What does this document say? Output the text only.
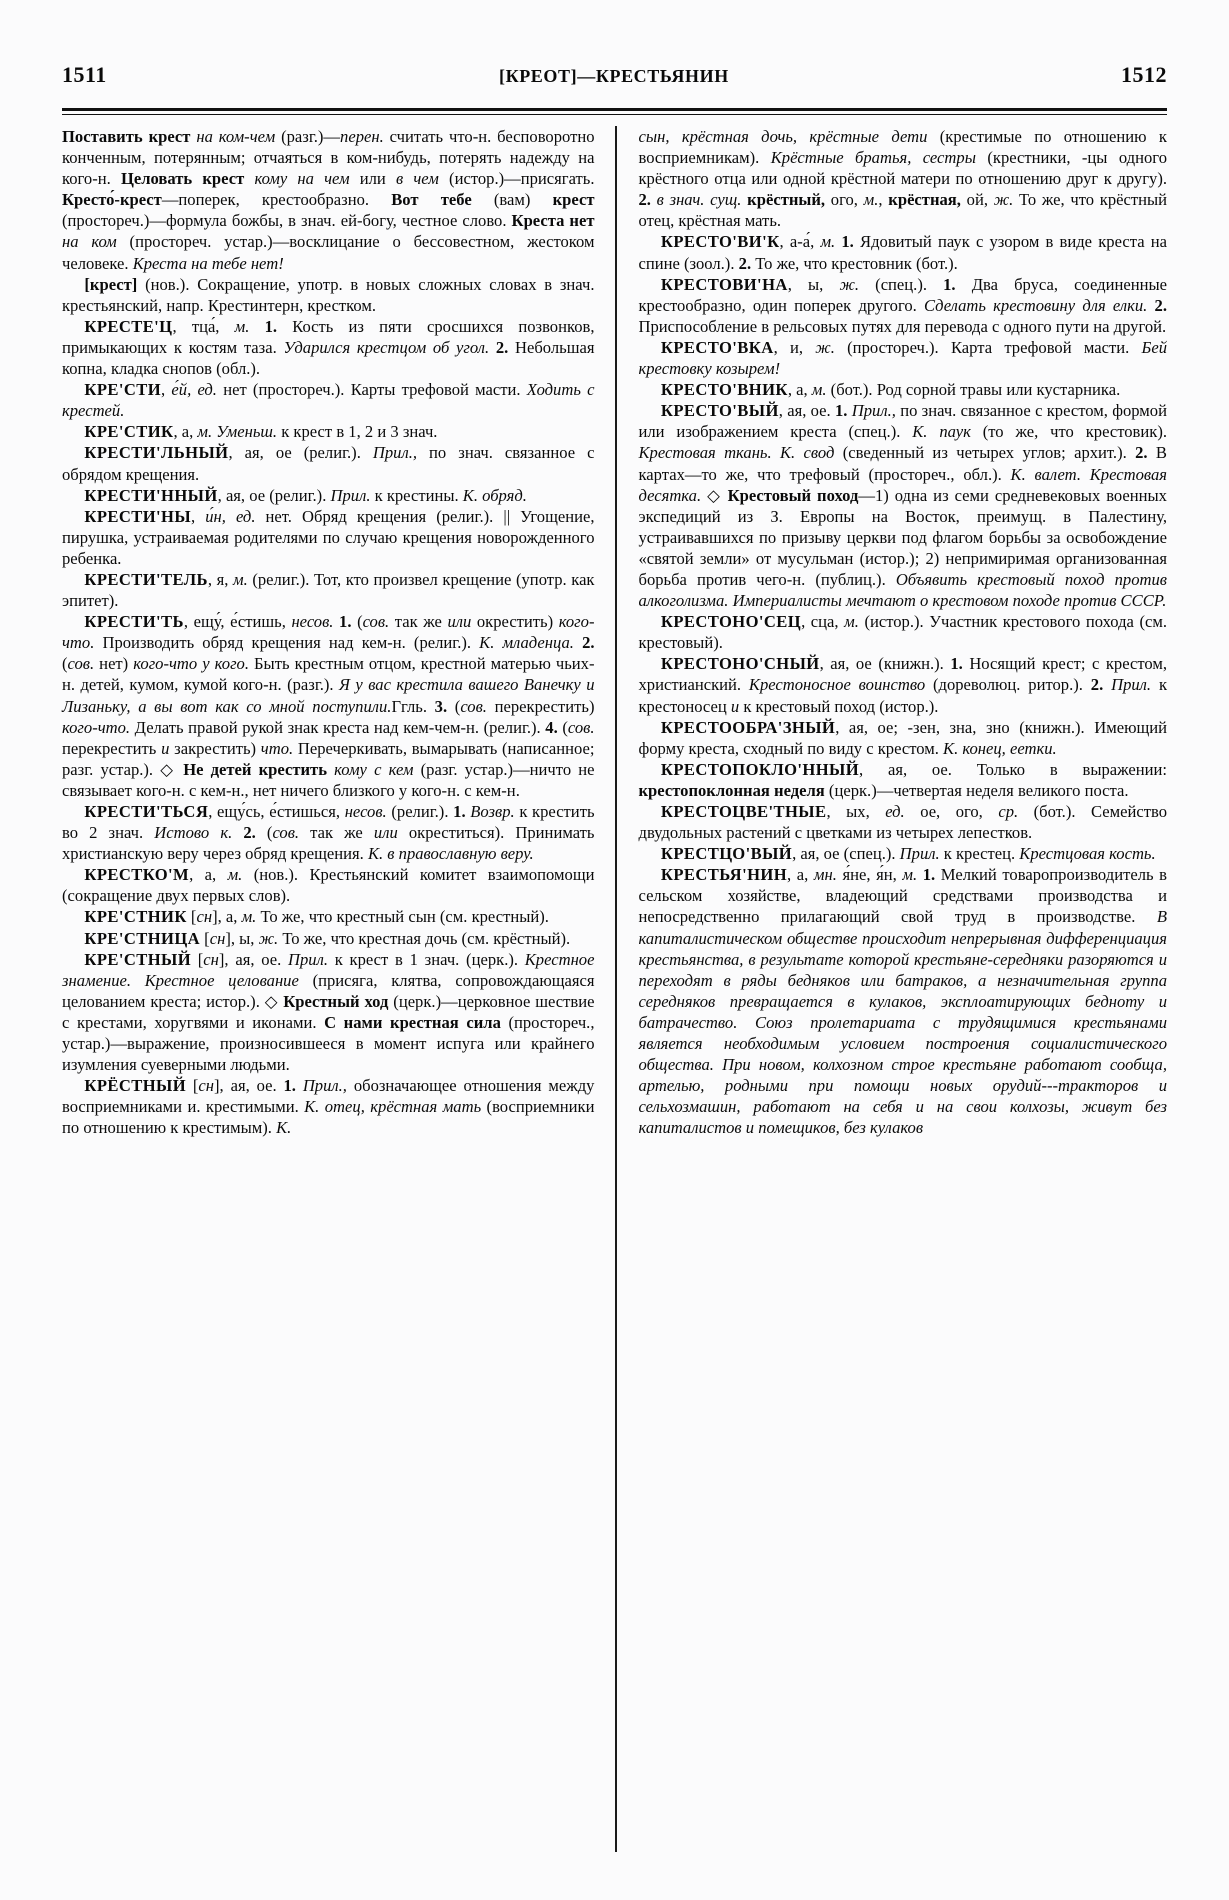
1511	[КРЕОТ]—КРЕСТЬЯНИН	1512

Поставить крест на ком-чем (разг.)—перен. считать что-н. бесповоротно конченным, потерянным; отчаяться в ком-нибудь, потерять надежду на кого-н. Целовать крест кому на чем или в чем (истор.)—присягать. Кресто́-крест—поперек, крестообразно. Вот тебе (вам) крест (простореч.)—формула божбы, в знач. ей-богу, честное слово. Креста нет на ком (простореч. устар.)—восклицание о бессовестном, жестоком человеке. Креста на тебе нет!

[крест] (нов.). Сокращение, употр. в новых сложных словах в знач. крестьянский, напр. Крестинтерн, крестком.

КРЕСТЕ'Ц, тца́, м. 1. Кость из пяти сросшихся позвонков, примыкающих к костям таза. Ударился крестцом об угол. 2. Небольшая копна, кладка снопов (обл.).

КРЕ'СТИ, е́й, ед. нет (простореч.). Карты трефовой масти. Ходить с крестей.

КРЕ'СТИК, а, м. Уменьш. к крест в 1, 2 и 3 знач.

КРЕСТИ'ЛЬНЫЙ, ая, ое (религ.). Прил., по знач. связанное с обрядом крещения.

КРЕСТИ'ННЫЙ, ая, ое (религ.). Прил. к крестины. К. обряд.

КРЕСТИ'НЫ, и́н, ед. нет. Обряд крещения (религ.). || Угощение, пирушка, устраиваемая родителями по случаю крещения новорожденного ребенка.

КРЕСТИ'ТЕЛЬ, я, м. (религ.). Тот, кто произвел крещение (употр. как эпитет).

КРЕСТИ'ТЬ, ещу́, е́стишь, несов. 1. (сов. так же или окрестить) кого-что. Производить обряд крещения над кем-н. (религ.). К. младенца. 2. (сов. нет) кого-что у кого. Быть крестным отцом, крестной матерью чьих-н. детей, кумом, кумой кого-н. (разг.). Я у вас крестила вашего Ванечку и Лизаньку, а вы вот как со мной поступили.Ггль. 3. (сов. перекрестить) кого-что. Делать правой рукой знак креста над кем-чем-н. (религ.). 4. (сов. перекрестить и закрестить) что. Перечеркивать, вымарывать (написанное; разг. устар.). ◇ Не детей крестить кому с кем (разг. устар.)—ничто не связывает кого-н. с кем-н., нет ничего близкого у кого-н. с кем-н.

КРЕСТИ'ТЬСЯ, ещу́сь, е́стишься, несов. (религ.). 1. Возвр. к крестить во 2 знач. Истово к. 2. (сов. так же или окреститься). Принимать христианскую веру через обряд крещения. К. в православную веру.

КРЕСТКО'М, а, м. (нов.). Крестьянский комитет взаимопомощи (сокращение двух первых слов).

КРЕ'СТНИК [сн], а, м. То же, что крестный сын (см. крестный).

КРЕ'СТНИЦА [сн], ы, ж. То же, что крестная дочь (см. крёстный).

КРЕ'СТНЫЙ [сн], ая, ое. Прил. к крест в 1 знач. (церк.). Крестное знамение. Крестное целование (присяга, клятва, сопровождающаяся целованием креста; истор.). ◇ Крестный ход (церк.)—церковное шествие с крестами, хоругвями и иконами. С нами крестная сила (простореч., устар.)—выражение, произносившееся в момент испуга или крайнего изумления суеверными людьми.

КРЁСТНЫЙ [сн], ая, ое. 1. Прил., обозначающее отношения между восприемниками и. крестимыми. К. отец, крёстная мать (восприемники по отношению к крестимым). К.

сын, крёстная дочь, крёстные дети (крестимые по отношению к восприемникам). Крёстные братья, сестры (крестники, -цы одного крёстного отца или одной крёстной матери по отношению друг к другу). 2. в знач. сущ. крёстный, ого, м., крёстная, ой, ж. То же, что крёстный отец, крёстная мать.

КРЕСТО'ВИ'К, а-а́, м. 1. Ядовитый паук с узором в виде креста на спине (зоол.). 2. То же, что крестовник (бот.).

КРЕСТОВИ'НА, ы, ж. (спец.). 1. Два бруса, соединенные крестообразно, один поперек другого. Сделать крестовину для елки. 2. Приспособление в рельсовых путях для перевода с одного пути на другой.

КРЕСТО'ВКА, и, ж. (простореч.). Карта трефовой масти. Бей крестовку козырем!

КРЕСТО'ВНИК, а, м. (бот.). Род сорной травы или кустарника.

КРЕСТО'ВЫЙ, ая, ое. 1. Прил., по знач. связанное с крестом, формой или изображением креста (спец.). К. паук (то же, что крестовик). Крестовая ткань. К. свод (сведенный из четырех углов; архит.). 2. В картах—то же, что трефовый (простореч., обл.). К. валет. Крестовая десятка. ◇ Крестовый поход—1) одна из семи средневековых военных экспедиций из З. Европы на Восток, преимущ. в Палестину, устраивавшихся по призыву церкви под флагом борьбы за освобождение «святой земли» от мусульман (истор.); 2) непримиримая организованная борьба против чего-н. (публиц.). Объявить крестовый поход против алкоголизма. Империалисты мечтают о крестовом походе против СССР.

КРЕСТОНО'СЕЦ, сца, м. (истор.). Участник крестового похода (см. крестовый).

КРЕСТОНО'СНЫЙ, ая, ое (книжн.). 1. Носящий крест; с крестом, христианский. Крестоносное воинство (дореволюц. ритор.). 2. Прил. к крестоносец и к крестовый поход (истор.).

КРЕСТООБРА'ЗНЫЙ, ая, ое; -зен, зна, зно (книжн.). Имеющий форму креста, сходный по виду с крестом. К. конец, еетки.

КРЕСТОПОКЛО'ННЫЙ, ая, ое. Только в выражении: крестопоклонная неделя (церк.)—четвертая неделя великого поста.

КРЕСТОЦВЕ'ТНЫЕ, ых, ед. ое, ого, ср. (бот.). Семейство двудольных растений с цветками из четырех лепестков.

КРЕСТЦО'ВЫЙ, ая, ое (спец.). Прил. к крестец. Крестцовая кость.

КРЕСТЬЯ'НИН, а, мн. я́не, я́н, м. 1. Мелкий товаропроизводитель в сельском хозяйстве, владеющий средствами производства и непосредственно прилагающий свой труд в производстве. В капиталистическом обществе происходит непрерывная дифференциация крестьянства, в результате которой крестьяне-середняки разоряются и переходят в ряды бедняков или батраков, а незначительная группа середняков превращается в кулаков, эксплоатирующих бедноту и батрачество. Союз пролетариата с трудящимися крестьянами является необходимым условием построения социалистического общества. При новом, колхозном строе крестьяне работают сообща, артелью, родными при помощи новых орудий---тракторов и сельхозмашин, работают на себя и на свои колхозы, живут без капиталистов и помещиков, без кулаков
